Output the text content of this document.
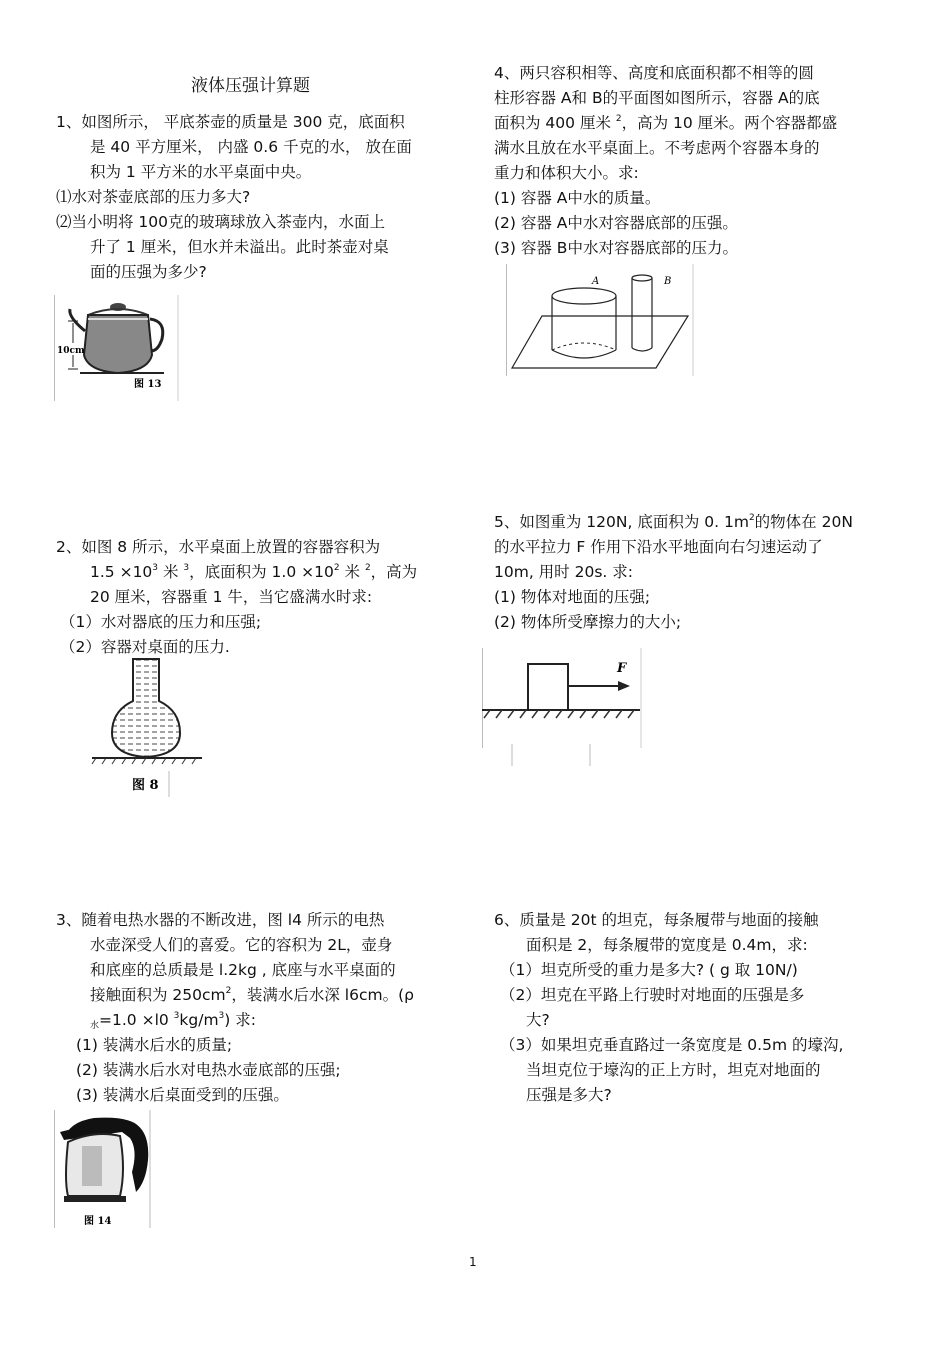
液体压强计算题
1、如图所示， 平底茶壶的质量是 300 克，底面积
是 40 平方厘米， 内盛 0.6 千克的水， 放在面
积为 1 平方米的水平桌面中央。
⑴水对茶壶底部的压力多大?
⑵当小明将 100克的玻璃球放入茶壶内，水面上
升了 1 厘米，但水并未溢出。此时茶壶对桌
面的压强为多少?
10cm
图 13
2、如图 8 所示，水平桌面上放置的容器容积为
$1.5 \times 10^3$ 米 $^3$，底面积为 $1.0 \times 10^2$ 米 $^2$，高为
20 厘米，容器重 1 牛，当它盛满水时求:
（1）水对器底的压力和压强;
（2）容器对桌面的压力.
图 8
3、随着电热水器的不断改进，图 l4 所示的电热
水壶深受人们的喜爱。它的容积为 2L，壶身
和底座的总质最是 l.2kg , 底座与水平桌面的
接触面积为 $250cm^2$，装满水后水深 l6cm。(ρ
$_水$=1.0 ×l0 $^3kg/m^3$) 求:
(1) 装满水后水的质量;
(2) 装满水后水对电热水壶底部的压强;
(3) 装满水后桌面受到的压强。
图 14
4、两只容积相等、高度和底面积都不相等的圆
柱形容器 A和 B的平面图如图所示，容器 A的底
面积为 400 厘米 $^2$，高为 10 厘米。两个容器都盛
满水且放在水平桌面上。不考虑两个容器本身的
重力和体积大小。求:
(1) 容器 A中水的质量。
(2) 容器 A中水对容器底部的压强。
(3) 容器 B中水对容器底部的压力。
A	B
5、如图重为 120N, 底面积为 0. $1m^2$的物体在 20N
的水平拉力 F 作用下沿水平地面向右匀速运动了
10m, 用时 20s. 求:
(1) 物体对地面的压强;
(2) 物体所受摩擦力的大小;
F
6、质量是 20t 的坦克，每条履带与地面的接触
面积是 2，每条履带的宽度是 0.4m，求:
（1）坦克所受的重力是多大? ( g 取 10N/)
（2）坦克在平路上行驶时对地面的压强是多
大?
（3）如果坦克垂直路过一条宽度是 0.5m 的壕沟,
当坦克位于壕沟的正上方时，坦克对地面的
压强是多大?
1
